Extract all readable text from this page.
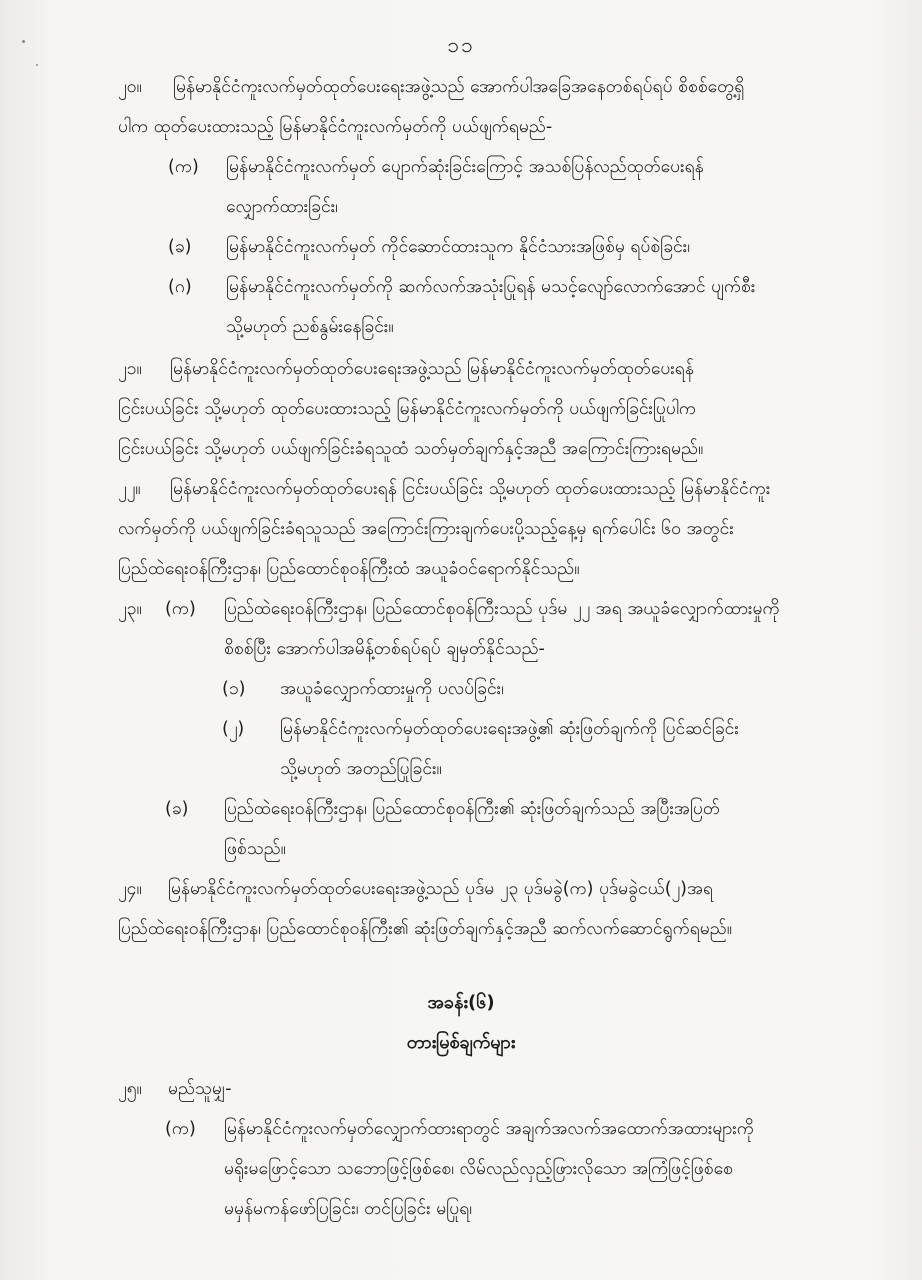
၁၁
၂၀။ မြန်မာနိုင်ငံကူးလက်မှတ်ထုတ်ပေးရေးအဖွဲ့သည် အောက်ပါအခြေအနေတစ်ရပ်ရပ် စိစစ်တွေ့ရှိ
ပါက ထုတ်ပေးထားသည့် မြန်မာနိုင်ငံကူးလက်မှတ်ကို ပယ်ဖျက်ရမည်-
(က) မြန်မာနိုင်ငံကူးလက်မှတ် ပျောက်ဆုံးခြင်းကြောင့် အသစ်ပြန်လည်ထုတ်ပေးရန်
လျှောက်ထားခြင်း၊
(ခ) မြန်မာနိုင်ငံကူးလက်မှတ် ကိုင်ဆောင်ထားသူက နိုင်ငံသားအဖြစ်မှ ရပ်စဲခြင်း၊
(ဂ) မြန်မာနိုင်ငံကူးလက်မှတ်ကို ဆက်လက်အသုံးပြုရန် မသင့်လျော်လောက်အောင် ပျက်စီး
သို့မဟုတ် ညစ်နွမ်းနေခြင်း။
၂၁။ မြန်မာနိုင်ငံကူးလက်မှတ်ထုတ်ပေးရေးအဖွဲ့သည် မြန်မာနိုင်ငံကူးလက်မှတ်ထုတ်ပေးရန်
ငြင်းပယ်ခြင်း သို့မဟုတ် ထုတ်ပေးထားသည့် မြန်မာနိုင်ငံကူးလက်မှတ်ကို ပယ်ဖျက်ခြင်းပြုပါက
ငြင်းပယ်ခြင်း သို့မဟုတ် ပယ်ဖျက်ခြင်းခံရသူထံ သတ်မှတ်ချက်နှင့်အညီ အကြောင်းကြားရမည်။
၂၂။ မြန်မာနိုင်ငံကူးလက်မှတ်ထုတ်ပေးရန် ငြင်းပယ်ခြင်း သို့မဟုတ် ထုတ်ပေးထားသည့် မြန်မာနိုင်ငံကူး
လက်မှတ်ကို ပယ်ဖျက်ခြင်းခံရသူသည် အကြောင်းကြားချက်ပေးပို့သည့်နေ့မှ ရက်ပေါင်း ၆၀ အတွင်း
ပြည်ထဲရေးဝန်ကြီးဌာန၊ ပြည်ထောင်စုဝန်ကြီးထံ အယူခံဝင်ရောက်နိုင်သည်။
၂၃။ (က) ပြည်ထဲရေးဝန်ကြီးဌာန၊ ပြည်ထောင်စုဝန်ကြီးသည် ပုဒ်မ ၂၂ အရ အယူခံလျှောက်ထားမှုကို
စိစစ်ပြီး အောက်ပါအမိန့်တစ်ရပ်ရပ် ချမှတ်နိုင်သည်-
(၁) အယူခံလျှောက်ထားမှုကို ပလပ်ခြင်း၊
(၂) မြန်မာနိုင်ငံကူးလက်မှတ်ထုတ်ပေးရေးအဖွဲ့၏ ဆုံးဖြတ်ချက်ကို ပြင်ဆင်ခြင်း
သို့မဟုတ် အတည်ပြုခြင်း။
(ခ) ပြည်ထဲရေးဝန်ကြီးဌာန၊ ပြည်ထောင်စုဝန်ကြီး၏ ဆုံးဖြတ်ချက်သည် အပြီးအပြတ်
ဖြစ်သည်။
၂၄။ မြန်မာနိုင်ငံကူးလက်မှတ်ထုတ်ပေးရေးအဖွဲ့သည် ပုဒ်မ ၂၃ ပုဒ်မခွဲ(က) ပုဒ်မခွဲငယ်(၂)အရ
ပြည်ထဲရေးဝန်ကြီးဌာန၊ ပြည်ထောင်စုဝန်ကြီး၏ ဆုံးဖြတ်ချက်နှင့်အညီ ဆက်လက်ဆောင်ရွက်ရမည်။
အခန်း(၆)
တားမြစ်ချက်များ
၂၅။ မည်သူမျှ-
(က) မြန်မာနိုင်ငံကူးလက်မှတ်လျှောက်ထားရာတွင် အချက်အလက်အထောက်အထားများကို
မရိုးမဖြောင့်သော သဘောဖြင့်ဖြစ်စေ၊ လိမ်လည်လှည့်ဖြားလိုသော အကြံဖြင့်ဖြစ်စေ
မမှန်မကန်ဖော်ပြခြင်း၊ တင်ပြခြင်း မပြုရ၊
